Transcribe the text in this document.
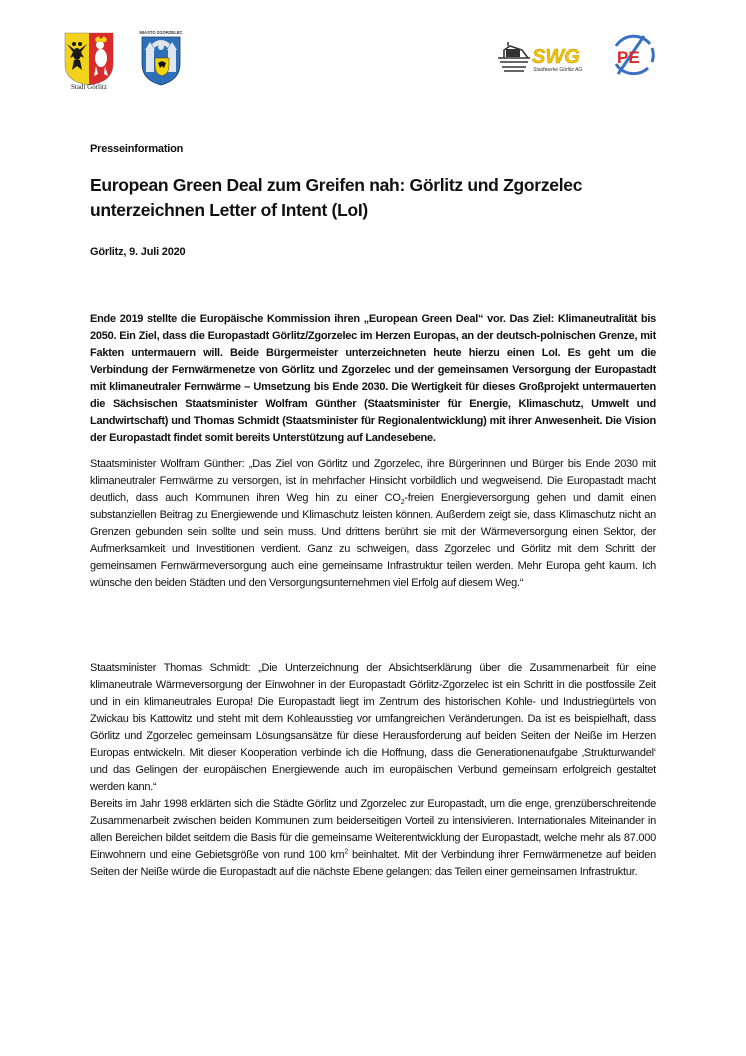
Stadt Görlitz
MIASTO ZGORZELEC
SWG
Stadtwerke Görlitz AG
PE
Presseinformation
European Green Deal zum Greifen nah: Görlitz und Zgorzelec unterzeichnen Letter of Intent (LoI)
Görlitz, 9. Juli 2020

Ende 2019 stellte die Europäische Kommission ihren „European Green Deal“ vor. Das Ziel: Klimaneutralität bis 2050. Ein Ziel, dass die Europastadt Görlitz/Zgorzelec im Herzen Europas, an der deutsch-polnischen Grenze, mit Fakten untermauern will. Beide Bürgermeister unterzeichneten heute hierzu einen LoI. Es geht um die Verbindung der Fernwärmenetze von Görlitz und Zgorzelec und der gemeinsamen Versorgung der Europastadt mit klimaneutraler Fernwärme – Umsetzung bis Ende 2030. Die Wertigkeit für dieses Großprojekt untermauerten die Sächsischen Staatsminister Wolfram Günther (Staatsminister für Energie, Klimaschutz, Umwelt und Landwirtschaft) und Thomas Schmidt (Staatsminister für Regionalentwicklung) mit ihrer Anwesenheit. Die Vision der Europastadt findet somit bereits Unterstützung auf Landesebene.

Staatsminister Wolfram Günther: „Das Ziel von Görlitz und Zgorzelec, ihre Bürgerinnen und Bürger bis Ende 2030 mit klimaneutraler Fernwärme zu versorgen, ist in mehrfacher Hinsicht vorbildlich und wegweisend. Die Europastadt macht deutlich, dass auch Kommunen ihren Weg hin zu einer $CO_2$-freien Energieversorgung gehen und damit einen substanziellen Beitrag zu Energiewende und Klimaschutz leisten können. Außerdem zeigt sie, dass Klimaschutz nicht an Grenzen gebunden sein sollte und sein muss. Und drittens berührt sie mit der Wärmeversorgung einen Sektor, der Aufmerksamkeit und Investitionen verdient. Ganz zu schweigen, dass Zgorzelec und Görlitz mit dem Schritt der gemeinsamen Fernwärmeversorgung auch eine gemeinsame Infrastruktur teilen werden. Mehr Europa geht kaum. Ich wünsche den beiden Städten und den Versorgungsunternehmen viel Erfolg auf diesem Weg.“

Staatsminister Thomas Schmidt: „Die Unterzeichnung der Absichtserklärung über die Zusammenarbeit für eine klimaneutrale Wärmeversorgung der Einwohner in der Europastadt Görlitz-Zgorzelec ist ein Schritt in die postfossile Zeit und in ein klimaneutrales Europa! Die Europastadt liegt im Zentrum des historischen Kohle- und Industriegürtels von Zwickau bis Kattowitz und steht mit dem Kohleausstieg vor umfangreichen Veränderungen. Da ist es beispielhaft, dass Görlitz und Zgorzelec gemeinsam Lösungsansätze für diese Herausforderung auf beiden Seiten der Neiße im Herzen Europas entwickeln. Mit dieser Kooperation verbinde ich die Hoffnung, dass die Generationenaufgabe ‚Strukturwandel‘ und das Gelingen der europäischen Energiewende auch im europäischen Verbund gemeinsam erfolgreich gestaltet werden kann.“

Bereits im Jahr 1998 erklärten sich die Städte Görlitz und Zgorzelec zur Europastadt, um die enge, grenzüberschreitende Zusammenarbeit zwischen beiden Kommunen zum beiderseitigen Vorteil zu intensivieren. Internationales Miteinander in allen Bereichen bildet seitdem die Basis für die gemeinsame Weiterentwicklung der Europastadt, welche mehr als 87.000 Einwohnern und eine Gebietsgröße von rund 100 $km^2$ beinhaltet. Mit der Verbindung ihrer Fernwärmenetze auf beiden Seiten der Neiße würde die Europastadt auf die nächste Ebene gelangen: das Teilen einer gemeinsamen Infrastruktur.
